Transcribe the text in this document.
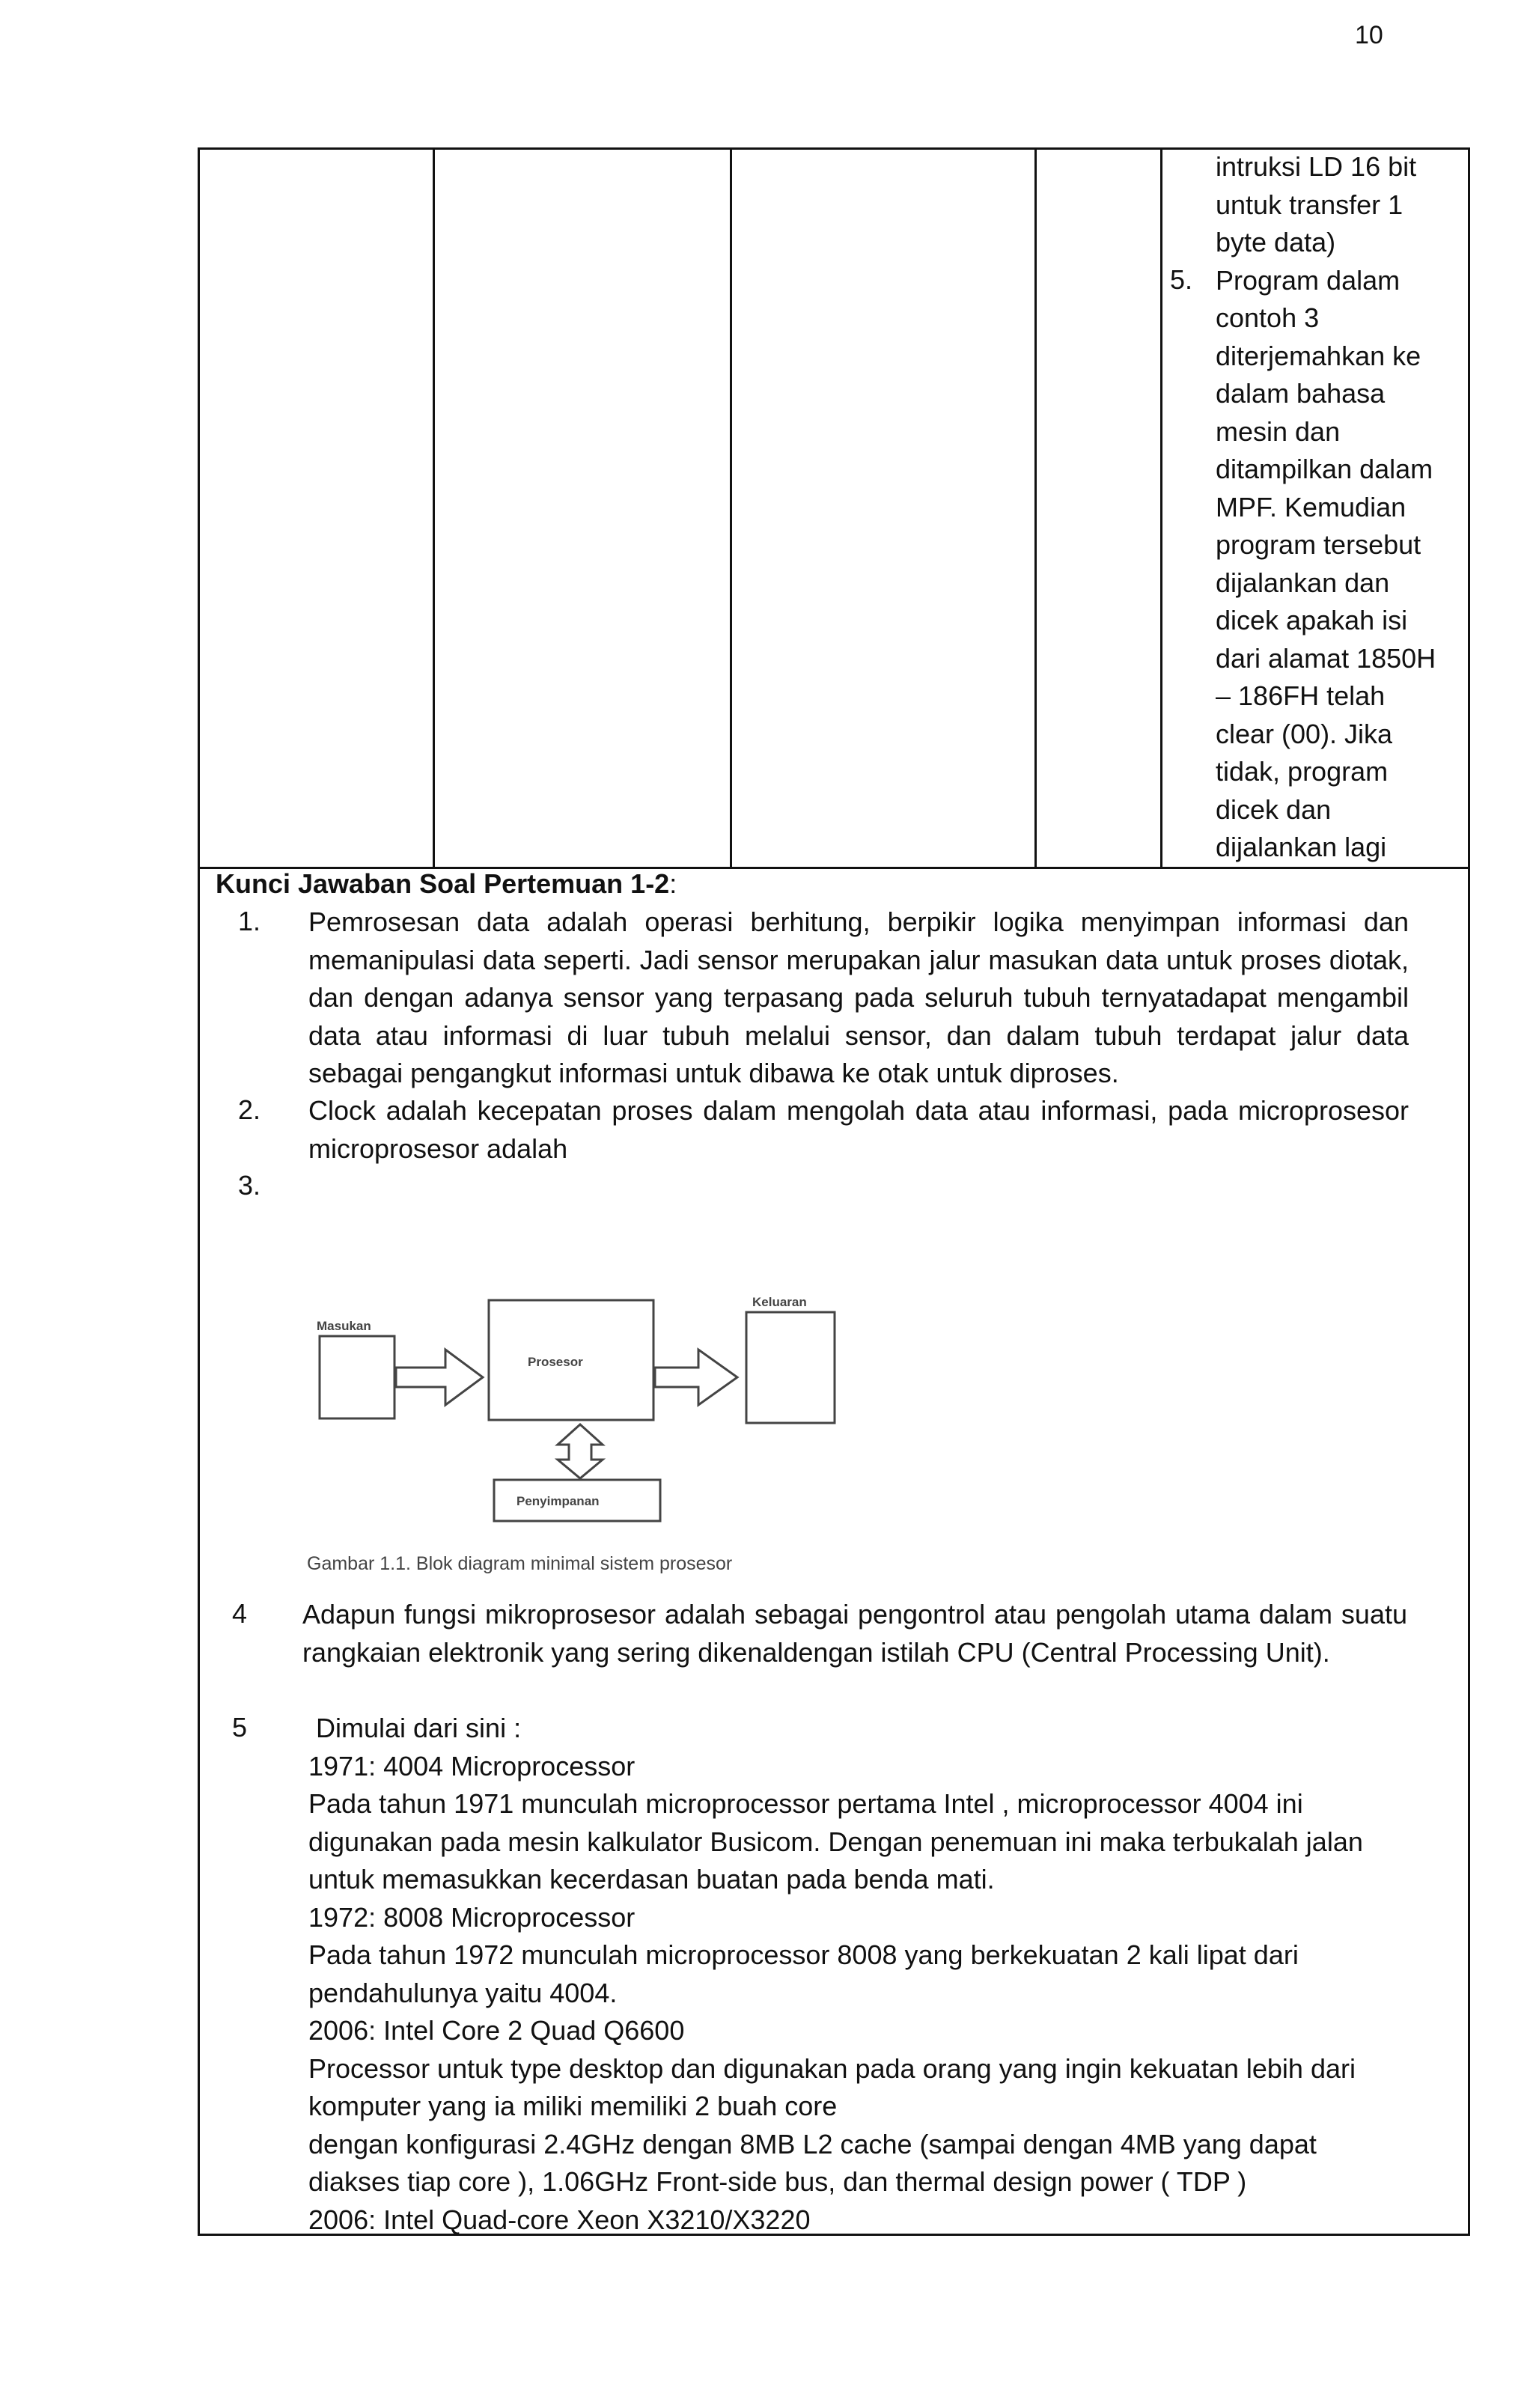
10
5.

intruksi LD 16 bit

untuk transfer 1

byte data)

Program dalam

contoh 3

diterjemahkan ke

dalam bahasa

mesin dan

ditampilkan dalam

MPF. Kemudian

program tersebut

dijalankan dan

dicek apakah isi

dari alamat 1850H

– 186FH telah

clear (00). Jika

tidak, program

dicek dan

dijalankan lagi

Kunci Jawaban Soal Pertemuan 1-2:
1. Pemrosesan data adalah operasi berhitung, berpikir logika menyimpan informasi dan memanipulasi data seperti. Jadi sensor merupakan jalur masukan data untuk proses diotak, dan dengan adanya sensor yang terpasang pada seluruh tubuh ternyatadapat mengambil data atau informasi di luar tubuh melalui sensor, dan dalam tubuh terdapat jalur data sebagai pengangkut informasi untuk dibawa ke otak untuk diproses.
2. Clock adalah kecepatan proses dalam mengolah data atau informasi, pada microprosesor microprosesor adalah
3.
Masukan
Prosesor
Keluaran
Penyimpanan
Gambar 1.1. Blok diagram minimal sistem prosesor
4 Adapun fungsi mikroprosesor adalah sebagai pengontrol atau pengolah utama dalam suatu rangkaian elektronik yang sering dikenaldengan istilah CPU (Central Processing Unit).
5 Dimulai dari sini :

1971: 4004 Microprocessor

Pada tahun 1971 munculah microprocessor pertama Intel , microprocessor 4004 ini

digunakan pada mesin kalkulator Busicom. Dengan penemuan ini maka terbukalah jalan

untuk memasukkan kecerdasan buatan pada benda mati.

1972: 8008 Microprocessor

Pada tahun 1972 munculah microprocessor 8008 yang berkekuatan 2 kali lipat dari

pendahulunya yaitu 4004.

2006: Intel Core 2 Quad Q6600

Processor untuk type desktop dan digunakan pada orang yang ingin kekuatan lebih dari

komputer yang ia miliki memiliki 2 buah core

dengan konfigurasi 2.4GHz dengan 8MB L2 cache (sampai dengan 4MB yang dapat

diakses tiap core ), 1.06GHz Front-side bus, dan thermal design power ( TDP )

2006: Intel Quad-core Xeon X3210/X3220
